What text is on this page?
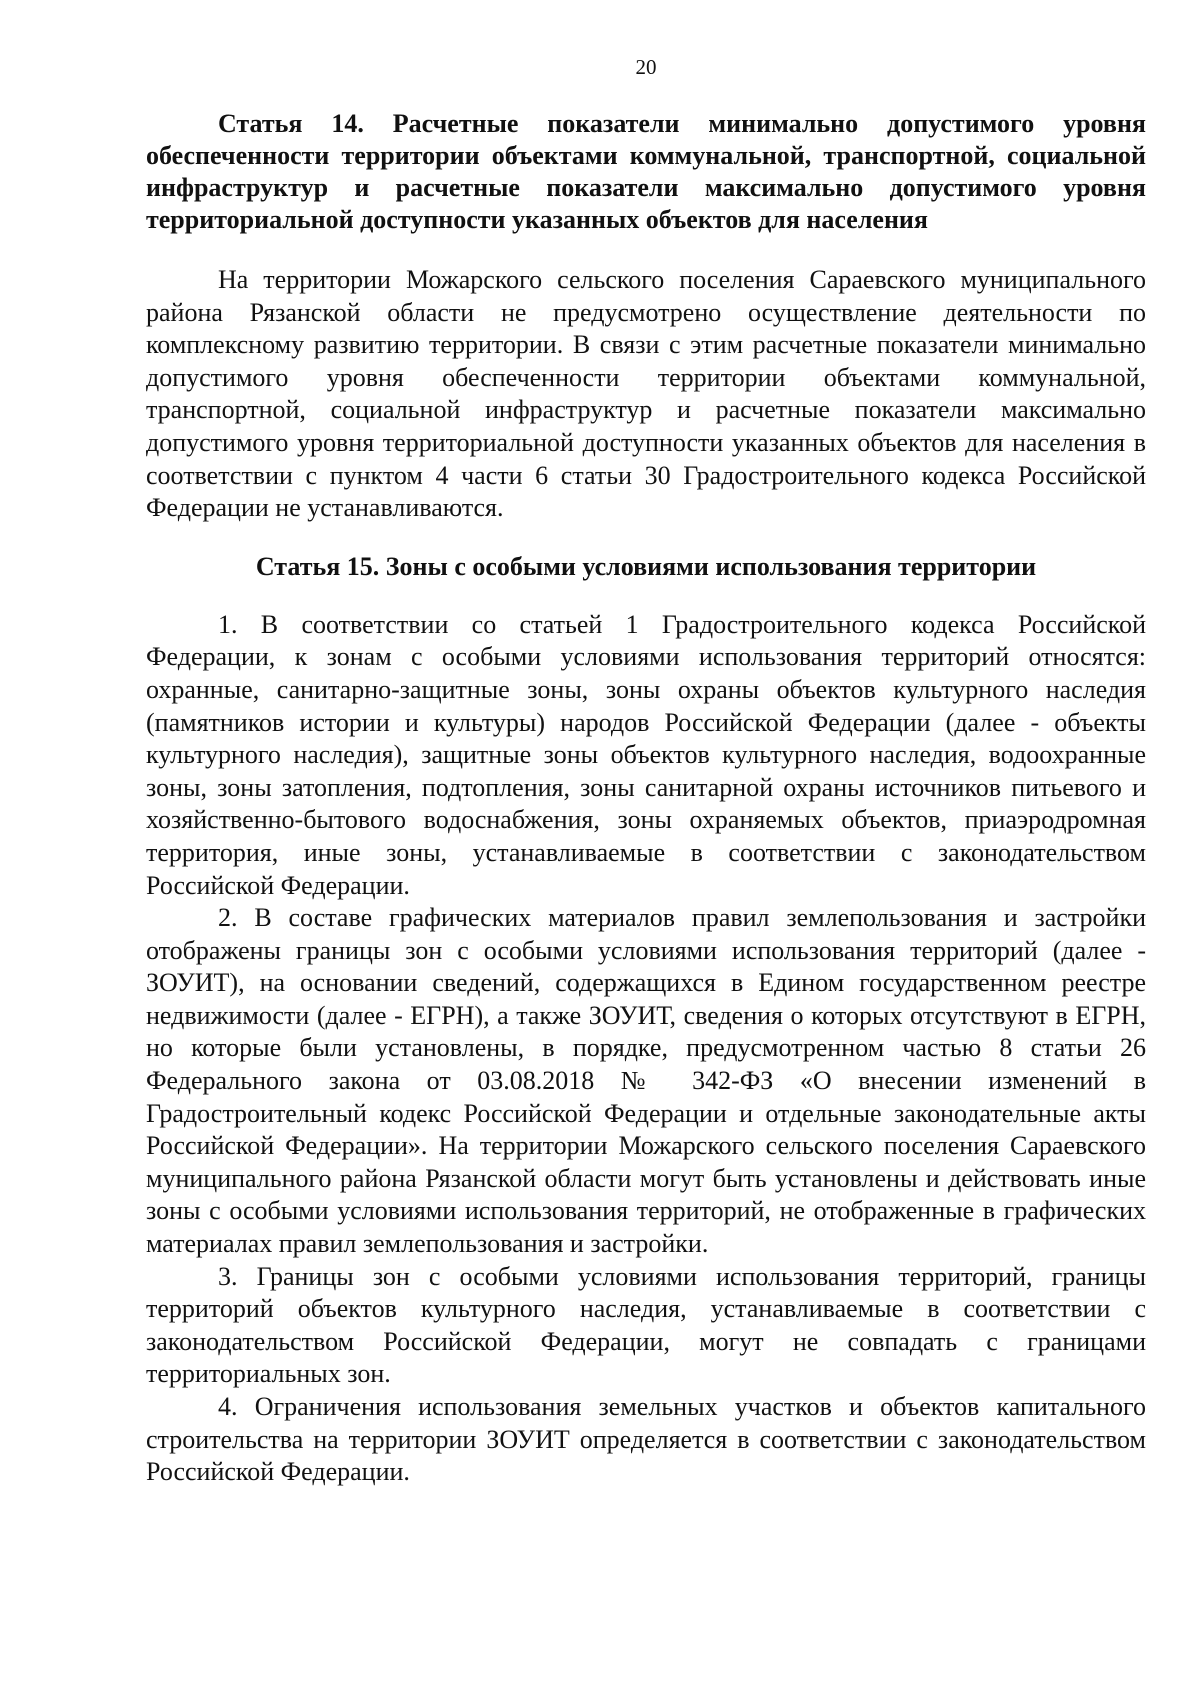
20

Статья 14. Расчетные показатели минимально допустимого уровня обеспеченности территории объектами коммунальной, транспортной, социальной инфраструктур и расчетные показатели максимально допустимого уровня территориальной доступности указанных объектов для населения

На территории Можарского сельского поселения Сараевского муниципального района Рязанской области не предусмотрено осуществление деятельности по комплексному развитию территории. В связи с этим расчетные показатели минимально допустимого уровня обеспеченности территории объектами коммунальной, транспортной, социальной инфраструктур и расчетные показатели максимально допустимого уровня территориальной доступности указанных объектов для населения в соответствии с пунктом 4 части 6 статьи 30 Градостроительного кодекса Российской Федерации не устанавливаются.

Статья 15. Зоны с особыми условиями использования территории

1. В соответствии со статьей 1 Градостроительного кодекса Российской Федерации, к зонам с особыми условиями использования территорий относятся: охранные, санитарно-защитные зоны, зоны охраны объектов культурного наследия (памятников истории и культуры) народов Российской Федерации (далее - объекты культурного наследия), защитные зоны объектов культурного наследия, водоохранные зоны, зоны затопления, подтопления, зоны санитарной охраны источников питьевого и хозяйственно-бытового водоснабжения, зоны охраняемых объектов, приаэродромная территория, иные зоны, устанавливаемые в соответствии с законодательством Российской Федерации.

2. В составе графических материалов правил землепользования и застройки отображены границы зон с особыми условиями использования территорий (далее - ЗОУИТ), на основании сведений, содержащихся в Едином государственном реестре недвижимости (далее - ЕГРН), а также ЗОУИТ, сведения о которых отсутствуют в ЕГРН, но которые были установлены, в порядке, предусмотренном частью 8 статьи 26 Федерального закона от 03.08.2018 № 342-ФЗ «О внесении изменений в Градостроительный кодекс Российской Федерации и отдельные законодательные акты Российской Федерации». На территории Можарского сельского поселения Сараевского муниципального района Рязанской области могут быть установлены и действовать иные зоны с особыми условиями использования территорий, не отображенные в графических материалах правил землепользования и застройки.

3. Границы зон с особыми условиями использования территорий, границы территорий объектов культурного наследия, устанавливаемые в соответствии с законодательством Российской Федерации, могут не совпадать с границами территориальных зон.

4. Ограничения использования земельных участков и объектов капитального строительства на территории ЗОУИТ определяется в соответствии с законодательством Российской Федерации.
